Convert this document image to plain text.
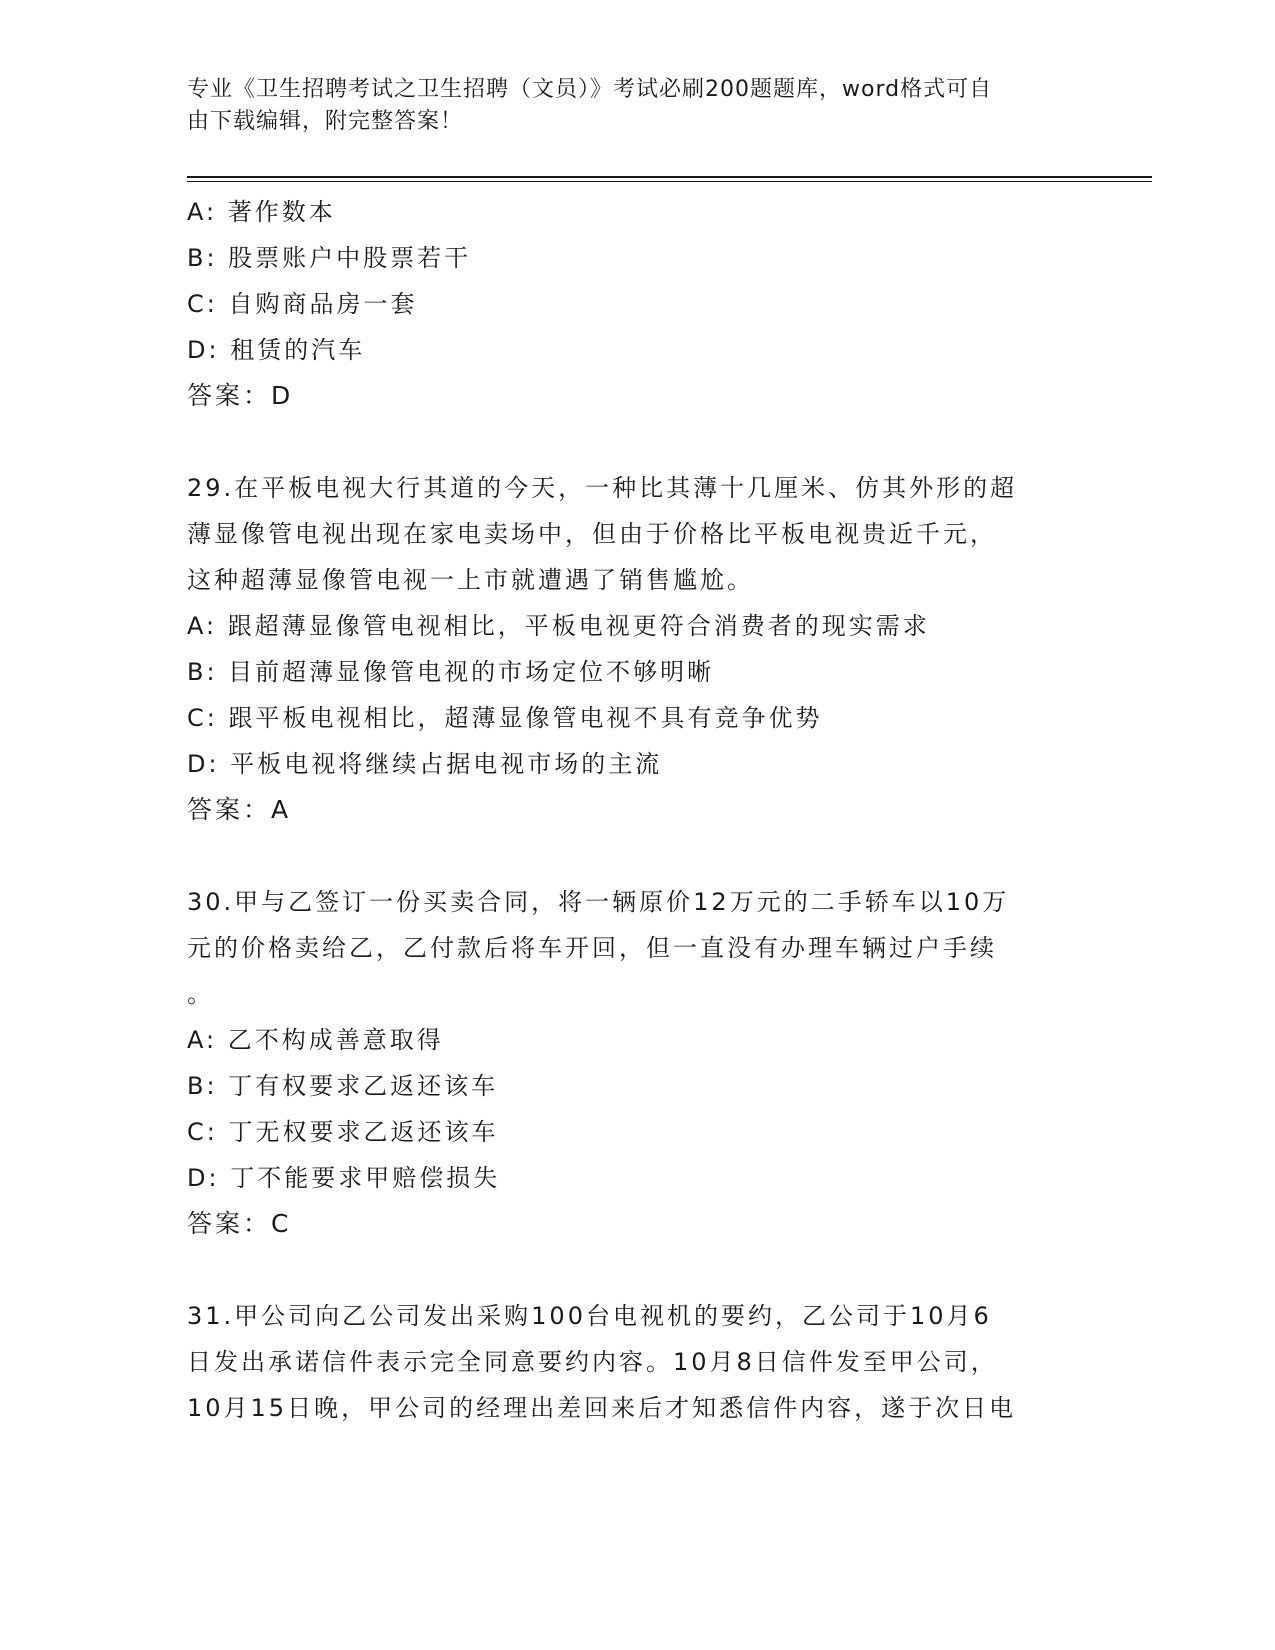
专业《卫生招聘考试之卫生招聘（文员）》考试必刷200题题库，word格式可自
由下载编辑，附完整答案！
A: 著作数本
B: 股票账户中股票若干
C: 自购商品房一套
D: 租赁的汽车
答案：D
29.在平板电视大行其道的今天，一种比其薄十几厘米、仿其外形的超
薄显像管电视出现在家电卖场中，但由于价格比平板电视贵近千元，
这种超薄显像管电视一上市就遭遇了销售尴尬。
A: 跟超薄显像管电视相比，平板电视更符合消费者的现实需求
B: 目前超薄显像管电视的市场定位不够明晰
C: 跟平板电视相比，超薄显像管电视不具有竞争优势
D: 平板电视将继续占据电视市场的主流
答案：A
30.甲与乙签订一份买卖合同，将一辆原价12万元的二手轿车以10万
元的价格卖给乙，乙付款后将车开回，但一直没有办理车辆过户手续
。
A: 乙不构成善意取得
B: 丁有权要求乙返还该车
C: 丁无权要求乙返还该车
D: 丁不能要求甲赔偿损失
答案：C
31.甲公司向乙公司发出采购100台电视机的要约，乙公司于10月6
日发出承诺信件表示完全同意要约内容。10月8日信件发至甲公司，
10月15日晚，甲公司的经理出差回来后才知悉信件内容，遂于次日电
